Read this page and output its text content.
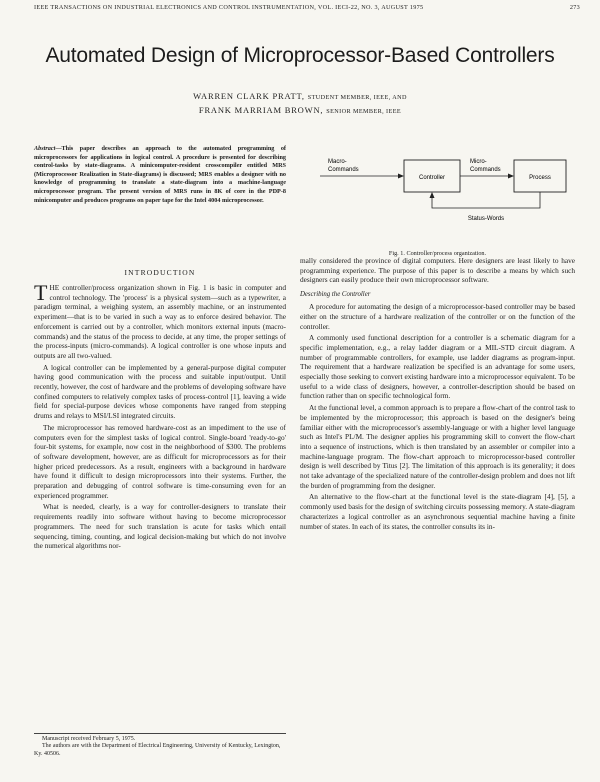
IEEE TRANSACTIONS ON INDUSTRIAL ELECTRONICS AND CONTROL INSTRUMENTATION, VOL. IECI-22, NO. 3, AUGUST 1975	273
Automated Design of Microprocessor-Based Controllers
WARREN CLARK PRATT, STUDENT MEMBER, IEEE, AND
FRANK MARRIAM BROWN, SENIOR MEMBER, IEEE
Abstract—This paper describes an approach to the automated programming of microprocessors for applications in logical control. A procedure is presented for describing control-tasks by state-diagrams. A minicomputer-resident crosscompiler entitled MRS (Microprocessor Realization in State-diagrams) is discussed; MRS enables a designer with no knowledge of programming to translate a state-diagram into a machine-language microprocessor program. The present version of MRS runs in 8K of core in the PDP-8 minicomputer and produces programs on paper tape for the Intel 4004 microprocessor.
Macro-
Commands
Controller
Micro-
Commands
Process
Status-Words
Fig. 1. Controller/process organization.
INTRODUCTION

THE controller/process organization shown in Fig. 1 is basic in computer and control technology. The 'process' is a physical system—such as a typewriter, a paradigm terminal, a weighing system, an assembly machine, or an instrumented experiment—that is to be varied in such a way as to enforce desired behavior. The enforcement is carried out by a controller, which monitors external inputs (macro-commands) and the status of the process to decide, at any time, the proper settings of the process-inputs (micro-commands). A logical controller is one whose inputs and outputs are all two-valued.

A logical controller can be implemented by a general-purpose digital computer having good communication with the process and suitable input/output. Until recently, however, the cost of hardware and the problems of developing software have confined computers to relatively complex tasks of process-control [1], leaving a wide field for special-purpose devices whose components have ranged from stepping drums and relays to MSI/LSI integrated circuits.

The microprocessor has removed hardware-cost as an impediment to the use of computers even for the simplest tasks of logical control. Single-board 'ready-to-go' four-bit systems, for example, now cost in the neighborhood of $300. The problems of software development, however, are as difficult for microprocessors as for their higher priced predecessors. As a result, engineers with a background in hardware have found it difficult to design microprocessors into their systems. Further, the preparation and debugging of control software is time-consuming even for an experienced programmer.

What is needed, clearly, is a way for controller-designers to translate their requirements readily into software without having to become microprocessor programmers. The need for such translation is acute for tasks which entail sequencing, timing, counting, and logical decision-making but which do not involve the numerical algorithms nor-

mally considered the province of digital computers. Here designers are least likely to have programming experience. The purpose of this paper is to describe a means by which such designers can easily produce their own microprocessor software.

Describing the Controller

A procedure for automating the design of a microprocessor-based controller may be based either on the structure of a hardware realization of the controller or on the function of the controller.

A commonly used functional description for a controller is a schematic diagram for a specific implementation, e.g., a relay ladder diagram or a MIL-STD circuit diagram. A number of programmable controllers, for example, use ladder diagrams as program-input. The requirement that a hardware realization be specified is an advantage for some users, especially those seeking to convert existing hardware into a microprocessor equivalent. To be useful to a wide class of designers, however, a controller-description should be based on function rather than on specific technological form.

At the functional level, a common approach is to prepare a flow-chart of the control task to be implemented by the microprocessor; this approach is based on the designer's being familiar either with the microprocessor's assembly-language or with a higher level language such as Intel's PL/M. The designer applies his programming skill to convert the flow-chart into a sequence of instructions, which is then translated by an assembler or compiler into a machine-language program. The flow-chart approach to microprocessor-based controller design is well described by Titus [2]. The limitation of this approach is its generality; it does not take advantage of the specialized nature of the controller-design problem and does not lift the burden of programming from the designer.

An alternative to the flow-chart at the functional level is the state-diagram [4], [5], a commonly used basis for the design of switching circuits possessing memory. A state-diagram characterizes a logical controller as an asynchronous sequential machine having a finite number of states. In each of its states, the controller consults its in-

Manuscript received February 5, 1975.
The authors are with the Department of Electrical Engineering, University of Kentucky, Lexington, Ky. 40506.
